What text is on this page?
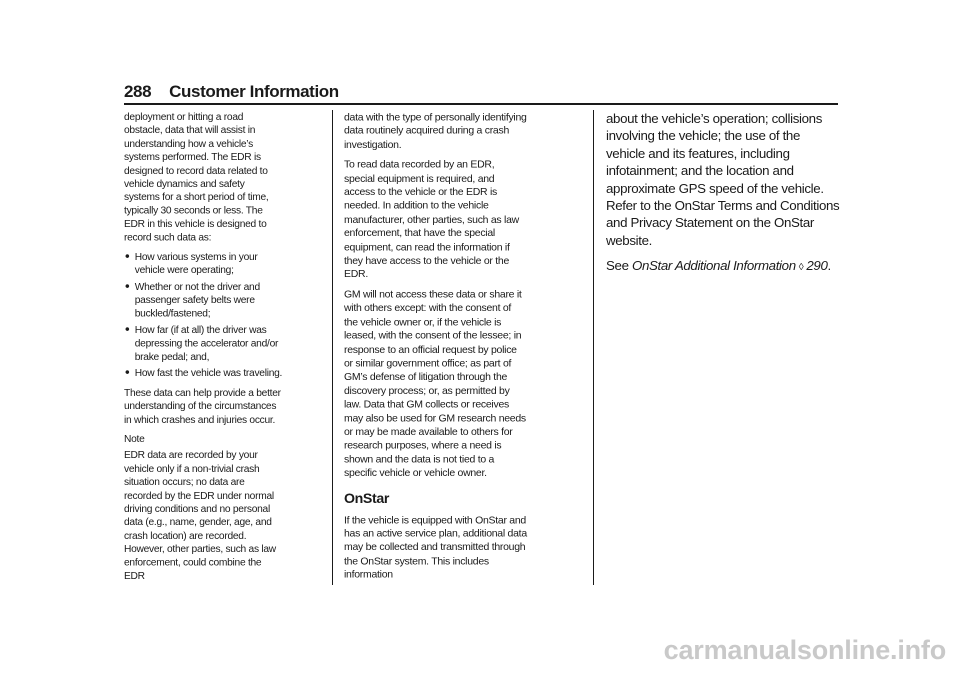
288 Customer Information

deployment or hitting a road obstacle, data that will assist in understanding how a vehicle’s systems performed. The EDR is designed to record data related to vehicle dynamics and safety systems for a short period of time, typically 30 seconds or less. The EDR in this vehicle is designed to record such data as:

● How various systems in your vehicle were operating;
● Whether or not the driver and passenger safety belts were buckled/fastened;
● How far (if at all) the driver was depressing the accelerator and/or brake pedal; and,
● How fast the vehicle was traveling.

These data can help provide a better understanding of the circumstances in which crashes and injuries occur.

Note

EDR data are recorded by your vehicle only if a non-trivial crash situation occurs; no data are recorded by the EDR under normal driving conditions and no personal data (e.g., name, gender, age, and crash location) are recorded. However, other parties, such as law enforcement, could combine the EDR

data with the type of personally identifying data routinely acquired during a crash investigation.

To read data recorded by an EDR, special equipment is required, and access to the vehicle or the EDR is needed. In addition to the vehicle manufacturer, other parties, such as law enforcement, that have the special equipment, can read the information if they have access to the vehicle or the EDR.

GM will not access these data or share it with others except: with the consent of the vehicle owner or, if the vehicle is leased, with the consent of the lessee; in response to an official request by police or similar government office; as part of GM’s defense of litigation through the discovery process; or, as permitted by law. Data that GM collects or receives may also be used for GM research needs or may be made available to others for research purposes, where a need is shown and the data is not tied to a specific vehicle or vehicle owner.

OnStar

If the vehicle is equipped with OnStar and has an active service plan, additional data may be collected and transmitted through the OnStar system. This includes information

about the vehicle’s operation; collisions involving the vehicle; the use of the vehicle and its features, including infotainment; and the location and approximate GPS speed of the vehicle. Refer to the OnStar Terms and Conditions and Privacy Statement on the OnStar website.

See OnStar Additional Information ◊ 290.

carmanualsonline.info
